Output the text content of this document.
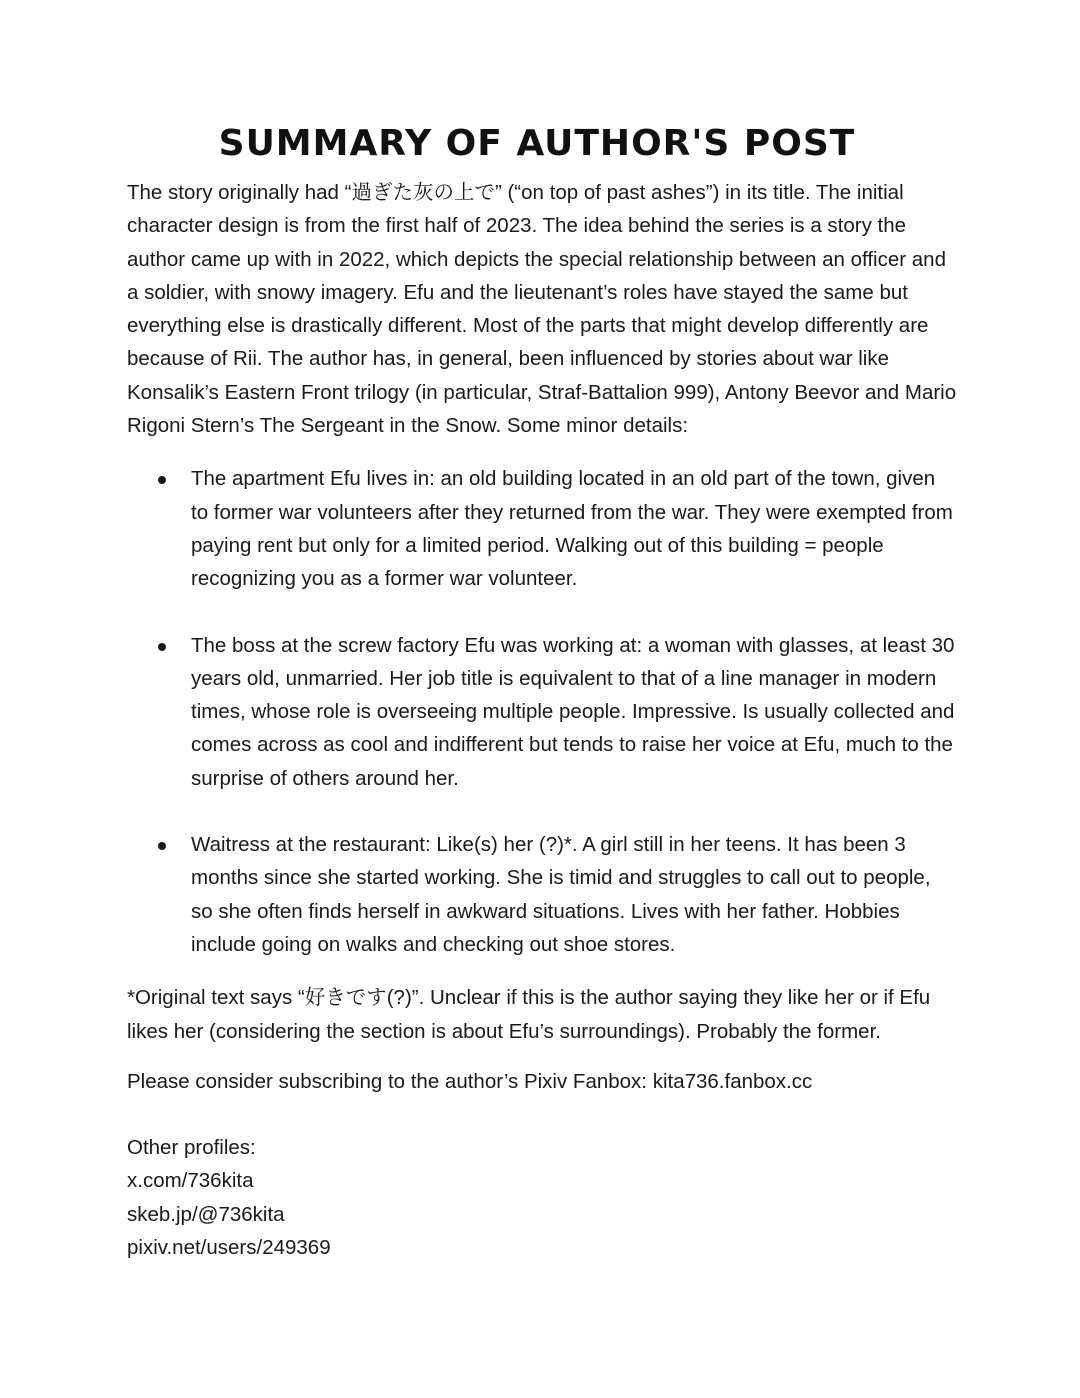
SUMMARY OF AUTHOR'S POST

The story originally had “過ぎた灰の上で” (“on top of past ashes”) in its title. The initial character design is from the first half of 2023. The idea behind the series is a story the author came up with in 2022, which depicts the special relationship between an officer and a soldier, with snowy imagery. Efu and the lieutenant’s roles have stayed the same but everything else is drastically different. Most of the parts that might develop differently are because of Rii. The author has, in general, been influenced by stories about war like Konsalik’s Eastern Front trilogy (in particular, Straf-Battalion 999), Antony Beevor and Mario Rigoni Stern’s The Sergeant in the Snow. Some minor details:

The apartment Efu lives in: an old building located in an old part of the town, given to former war volunteers after they returned from the war. They were exempted from paying rent but only for a limited period. Walking out of this building = people recognizing you as a former war volunteer.
The boss at the screw factory Efu was working at: a woman with glasses, at least 30 years old, unmarried. Her job title is equivalent to that of a line manager in modern times, whose role is overseeing multiple people. Impressive. Is usually collected and comes across as cool and indifferent but tends to raise her voice at Efu, much to the surprise of others around her.
Waitress at the restaurant: Like(s) her (?)*. A girl still in her teens. It has been 3 months since she started working. She is timid and struggles to call out to people, so she often finds herself in awkward situations. Lives with her father. Hobbies include going on walks and checking out shoe stores.

*Original text says “好きです(?)”. Unclear if this is the author saying they like her or if Efu likes her (considering the section is about Efu’s surroundings). Probably the former.

Please consider subscribing to the author’s Pixiv Fanbox: kita736.fanbox.cc

Other profiles:
x.com/736kita
skeb.jp/@736kita
pixiv.net/users/249369
